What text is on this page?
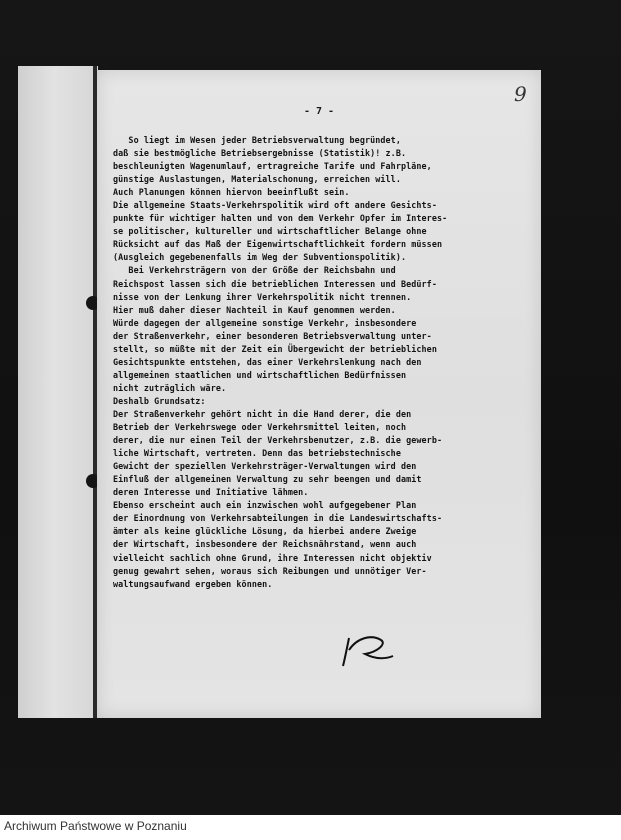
- 7 -
9
So liegt im Wesen jeder Betriebsverwaltung begründet,
daß sie bestmögliche Betriebsergebnisse (Statistik)! z.B.
beschleunigten Wagenumlauf, ertragreiche Tarife und Fahrpläne,
günstige Auslastungen, Materialschonung, erreichen will.
Auch Planungen können hiervon beeinflußt sein.
Die allgemeine Staats-Verkehrspolitik wird oft andere Gesichts-
punkte für wichtiger halten und von dem Verkehr Opfer im Interes-
se politischer, kultureller und wirtschaftlicher Belange ohne
Rücksicht auf das Maß der Eigenwirtschaftlichkeit fordern müssen
(Ausgleich gegebenenfalls im Weg der Subventionspolitik).
Bei Verkehrsträgern von der Größe der Reichsbahn und
Reichspost lassen sich die betrieblichen Interessen und Bedürf-
nisse von der Lenkung ihrer Verkehrspolitik nicht trennen.
Hier muß daher dieser Nachteil in Kauf genommen werden.
Würde dagegen der allgemeine sonstige Verkehr, insbesondere
der Straßenverkehr, einer besonderen Betriebsverwaltung unter-
stellt, so müßte mit der Zeit ein Übergewicht der betrieblichen
Gesichtspunkte entstehen, das einer Verkehrslenkung nach den
allgemeinen staatlichen und wirtschaftlichen Bedürfnissen
nicht zuträglich wäre.
Deshalb Grundsatz:
Der Straßenverkehr gehört nicht in die Hand derer, die den
Betrieb der Verkehrswege oder Verkehrsmittel leiten, noch
derer, die nur einen Teil der Verkehrsbenutzer, z.B. die gewerb-
liche Wirtschaft, vertreten. Denn das betriebstechnische
Gewicht der speziellen Verkehrsträger-Verwaltungen wird den
Einfluß der allgemeinen Verwaltung zu sehr beengen und damit
deren Interesse und Initiative lähmen.
Ebenso erscheint auch ein inzwischen wohl aufgegebener Plan
der Einordnung von Verkehrsabteilungen in die Landeswirtschafts-
ämter als keine glückliche Lösung, da hierbei andere Zweige
der Wirtschaft, insbesondere der Reichsnährstand, wenn auch
vielleicht sachlich ohne Grund, ihre Interessen nicht objektiv
genug gewahrt sehen, woraus sich Reibungen und unnötiger Ver-
waltungsaufwand ergeben können.
Archiwum Państwowe w Poznaniu
